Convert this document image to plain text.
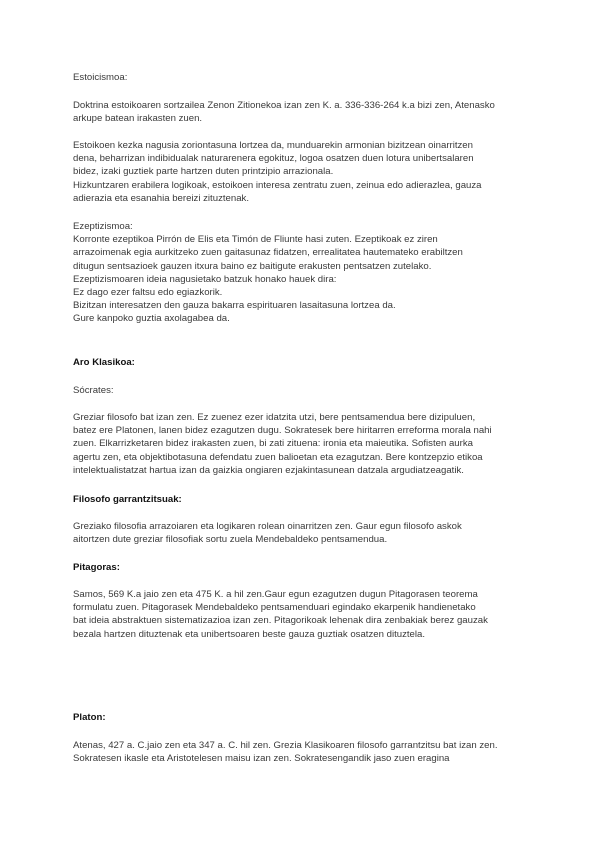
Estoicismoa:

Doktrina estoikoaren sortzailea Zenon Zitionekoa izan zen K. a. 336-336-264 k.a bizi zen, Atenasko

arkupe batean irakasten zuen.

Estoikoen kezka nagusia zoriontasuna lortzea da, munduarekin armonian bizitzean oinarritzen

dena, beharrizan indibidualak naturarenera egokituz, logoa osatzen duen lotura unibertsalaren

bidez, izaki guztiek parte hartzen duten printzipio arrazionala.

Hizkuntzaren erabilera logikoak, estoikoen interesa zentratu zuen, zeinua edo adierazlea, gauza

adierazia eta esanahia bereizi zituztenak.

Ezeptizismoa:

Korronte ezeptikoa Pirrón de Elis eta Timón de Fliunte hasi zuten. Ezeptikoak ez ziren

arrazoimenak egia aurkitzeko zuen gaitasunaz fidatzen, errealitatea hautemateko erabiltzen

ditugun sentsazioek gauzen itxura baino ez baitigute erakusten pentsatzen zutelako.

Ezeptizismoaren ideia nagusietako batzuk honako hauek dira:

Ez dago ezer faltsu edo egiazkorik.

Bizitzan interesatzen den gauza bakarra espirituaren lasaitasuna lortzea da.

Gure kanpoko guztia axolagabea da.

Aro Klasikoa:

Sócrates:

Greziar filosofo bat izan zen. Ez zuenez ezer idatzita utzi, bere pentsamendua bere dizipuluen,

batez ere Platonen, lanen bidez ezagutzen dugu. Sokratesek bere hiritarren erreforma morala nahi

zuen. Elkarrizketaren bidez irakasten zuen, bi zati zituena: ironia eta maieutika. Sofisten aurka

agertu zen, eta objektibotasuna defendatu zuen balioetan eta ezagutzan. Bere kontzepzio etikoa

intelektualistatzat hartua izan da gaizkia ongiaren ezjakintasunean datzala argudiatzeagatik.

Filosofo garrantzitsuak:

Greziako filosofia arrazoiaren eta logikaren rolean oinarritzen zen. Gaur egun filosofo askok

aitortzen dute greziar filosofiak sortu zuela Mendebaldeko pentsamendua.

Pitagoras:

Samos, 569 K.a jaio zen eta 475 K. a hil zen.Gaur egun ezagutzen dugun Pitagorasen teorema

formulatu zuen. Pitagorasek Mendebaldeko pentsamenduari egindako ekarpenik handienetako

bat ideia abstraktuen sistematizazioa izan zen. Pitagorikoak lehenak dira zenbakiak berez gauzak

bezala hartzen dituztenak eta unibertsoaren beste gauza guztiak osatzen dituztela.

Platon:

Atenas, 427 a. C.jaio zen eta 347 a. C. hil zen. Grezia Klasikoaren filosofo garrantzitsu bat izan zen.

Sokratesen ikasle eta Aristotelesen maisu izan zen. Sokratesengandik jaso zuen eragina
